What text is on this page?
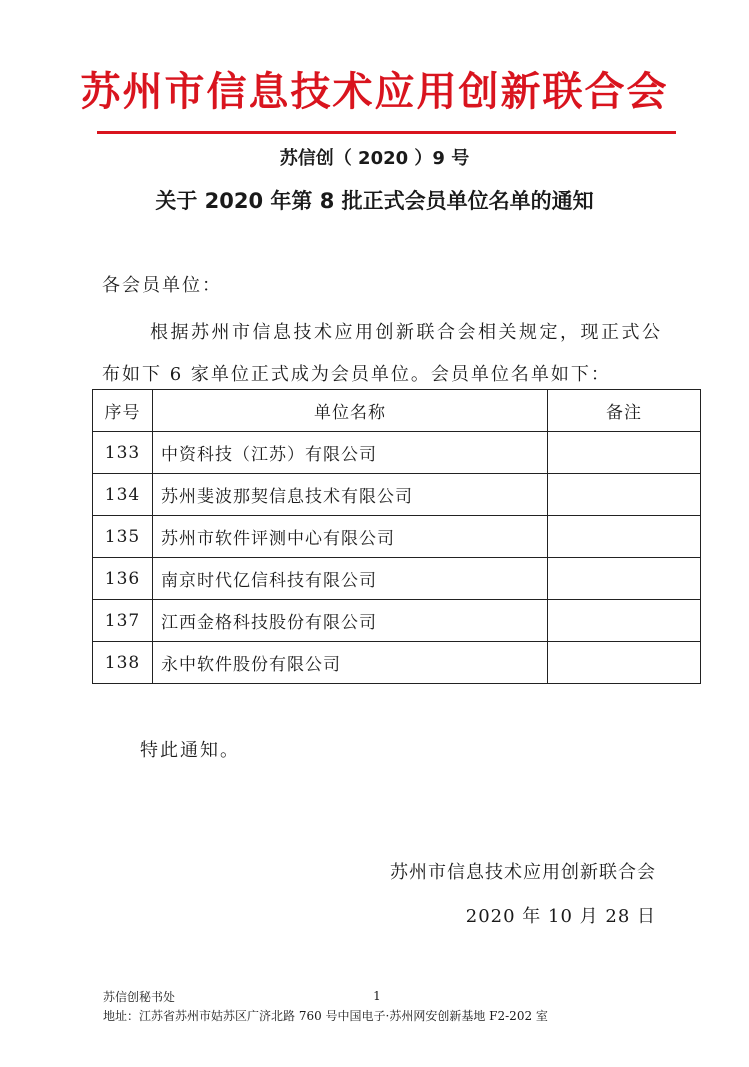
苏州市信息技术应用创新联合会
苏信创（ 2020 ）9 号
关于 2020 年第 8 批正式会员单位名单的通知
各会员单位：

根据苏州市信息技术应用创新联合会相关规定，现正式公布如下 6 家单位正式成为会员单位。会员单位名单如下：

序号	单位名称	备注
133	中资科技（江苏）有限公司	
134	苏州斐波那契信息技术有限公司	
135	苏州市软件评测中心有限公司	
136	南京时代亿信科技有限公司	
137	江西金格科技股份有限公司	
138	永中软件股份有限公司	
特此通知。
苏州市信息技术应用创新联合会
2020 年 10 月 28 日
苏信创秘书处	1
地址：江苏省苏州市姑苏区广济北路 760 号中国电子·苏州网安创新基地 F2-202 室
